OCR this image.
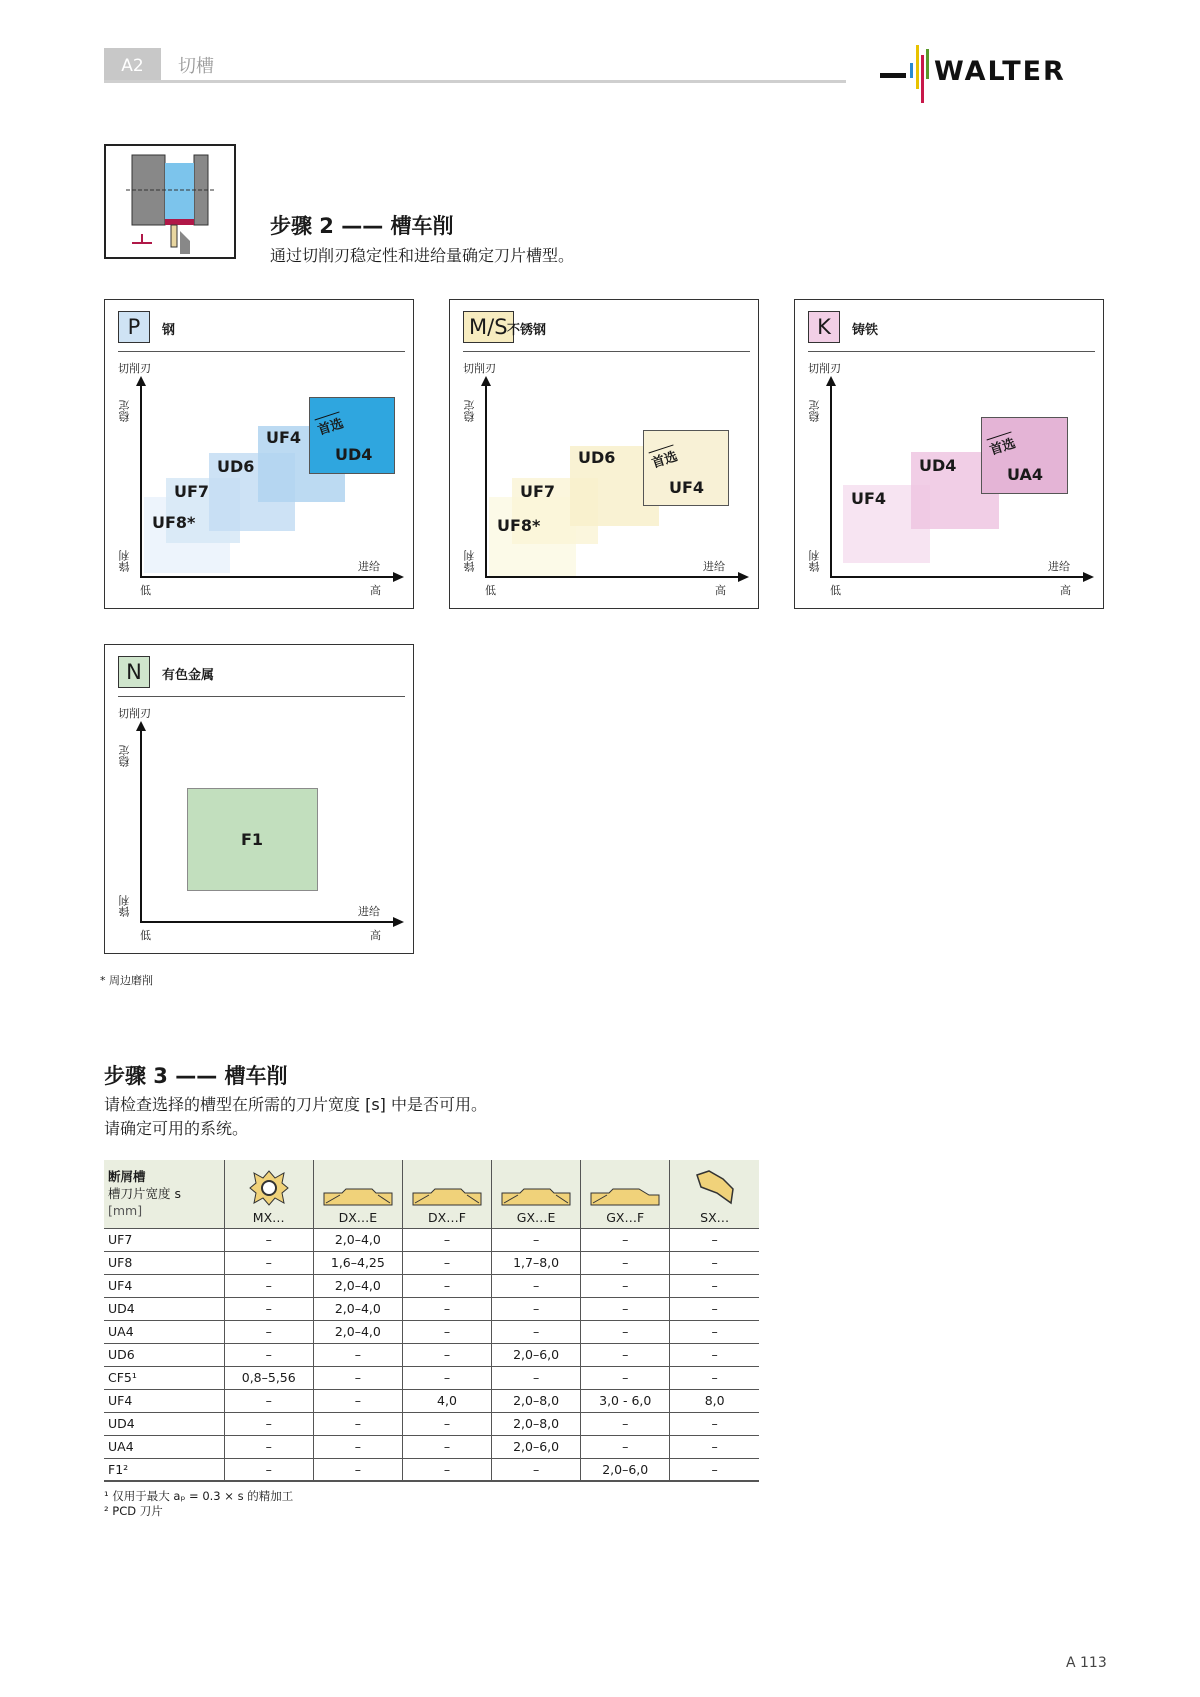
A2	切槽	WALTER
步骤 2 —— 槽车削
通过切削刃稳定性和进给量确定刀片槽型。
P	钢
切削刃
稳定
锋利	进给
低	高
UF8*
UF7
UD6
UF4
UD4
首选
M/S 不锈钢
切削刃
稳定
锋利	进给
低	高
UF8*
UF7
UD6
UF4
首选
K	铸铁
切削刃
稳定
锋利	进给
低	高
UF4
UD4	UA4
首选
N	有色金属
切削刃
稳定
锋利	进给
低	高
F1
* 周边磨削
步骤 3 —— 槽车削
请检查选择的槽型在所需的刀片宽度 [s] 中是否可用。
请确定可用的系统。
断屑槽
槽刀片宽度 s
[mm]	MX…	DX…E	DX…F	GX…E	GX…F	SX…

UF7	–	2,0–4,0	–	–	–	–
UF8	–	1,6–4,25	–	1,7–8,0	–	–
UF4	–	2,0–4,0	–	–	–	–
UD4	–	2,0–4,0	–	–	–	–
UA4	–	2,0–4,0	–	–	–	–
UD6	–	–	–	2,0–6,0	–	–
CF5¹	0,8–5,56	–	–	–	–	–
UF4	–	–	4,0	2,0–8,0	3,0 - 6,0	8,0
UD4	–	–	–	2,0–8,0	–	–
UA4	–	–	–	2,0–6,0	–	–
F1²	–	–	–	–	2,0–6,0	–
¹ 仅用于最大 aₚ = 0.3 × s 的精加工
² PCD 刀片
A 113
